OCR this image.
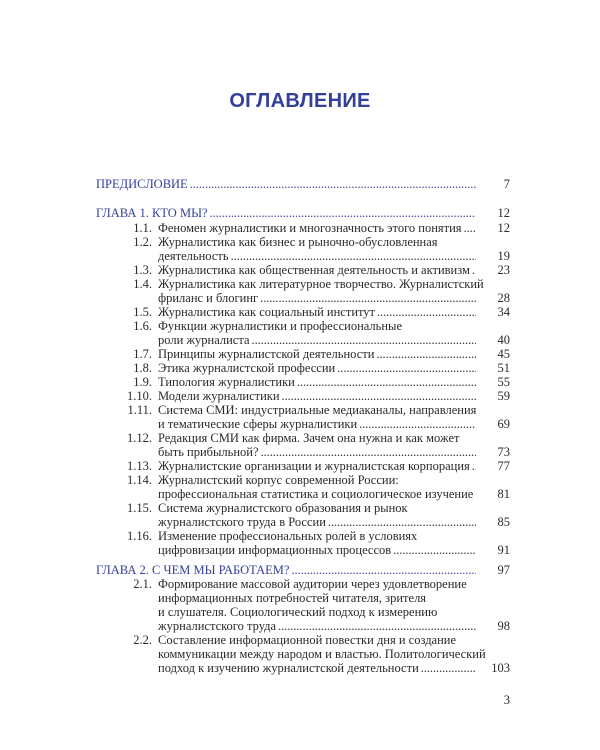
ОГЛАВЛЕНИЕ
ПРЕДИСЛОВИЕ . . .	7
ГЛАВА 1. КТО МЫ? . . .	12
1.1. Феномен журналистики и многозначность этого понятия . . .	12
1.2. Журналистика как бизнес и рыночно-обусловленная
деятельность . . .	19
1.3. Журналистика как общественная деятельность и активизм . . .	23
1.4. Журналистика как литературное творчество. Журналистский
фриланс и блогинг . . .	28
1.5. Журналистика как социальный институт . . .	34
1.6. Функции журналистики и профессиональные
роли журналиста . . .	40
1.7. Принципы журналистской деятельности . . .	45
1.8. Этика журналистской профессии . . .	51
1.9. Типология журналистики . . .	55
1.10. Модели журналистики . . .	59
1.11. Система СМИ: индустриальные медиаканалы, направления
и тематические сферы журналистики . . .	69
1.12. Редакция СМИ как фирма. Зачем она нужна и как может
быть прибыльной? . . .	73
1.13. Журналистские организации и журналистская корпорация . . .	77
1.14. Журналистский корпус современной России:
профессиональная статистика и социологическое изучение . . .	81
1.15. Система журналистского образования и рынок
журналистского труда в России . . .	85
1.16. Изменение профессиональных ролей в условиях
цифровизации информационных процессов . . .	91
ГЛАВА 2. С ЧЕМ МЫ РАБОТАЕМ? . . .	97
2.1. Формирование массовой аудитории через удовлетворение
информационных потребностей читателя, зрителя
и слушателя. Социологический подход к измерению
журналистского труда . . .	98
2.2. Составление информационной повестки дня и создание
коммуникации между народом и властью. Политологический
подход к изучению журналистской деятельности . . .	103
3
